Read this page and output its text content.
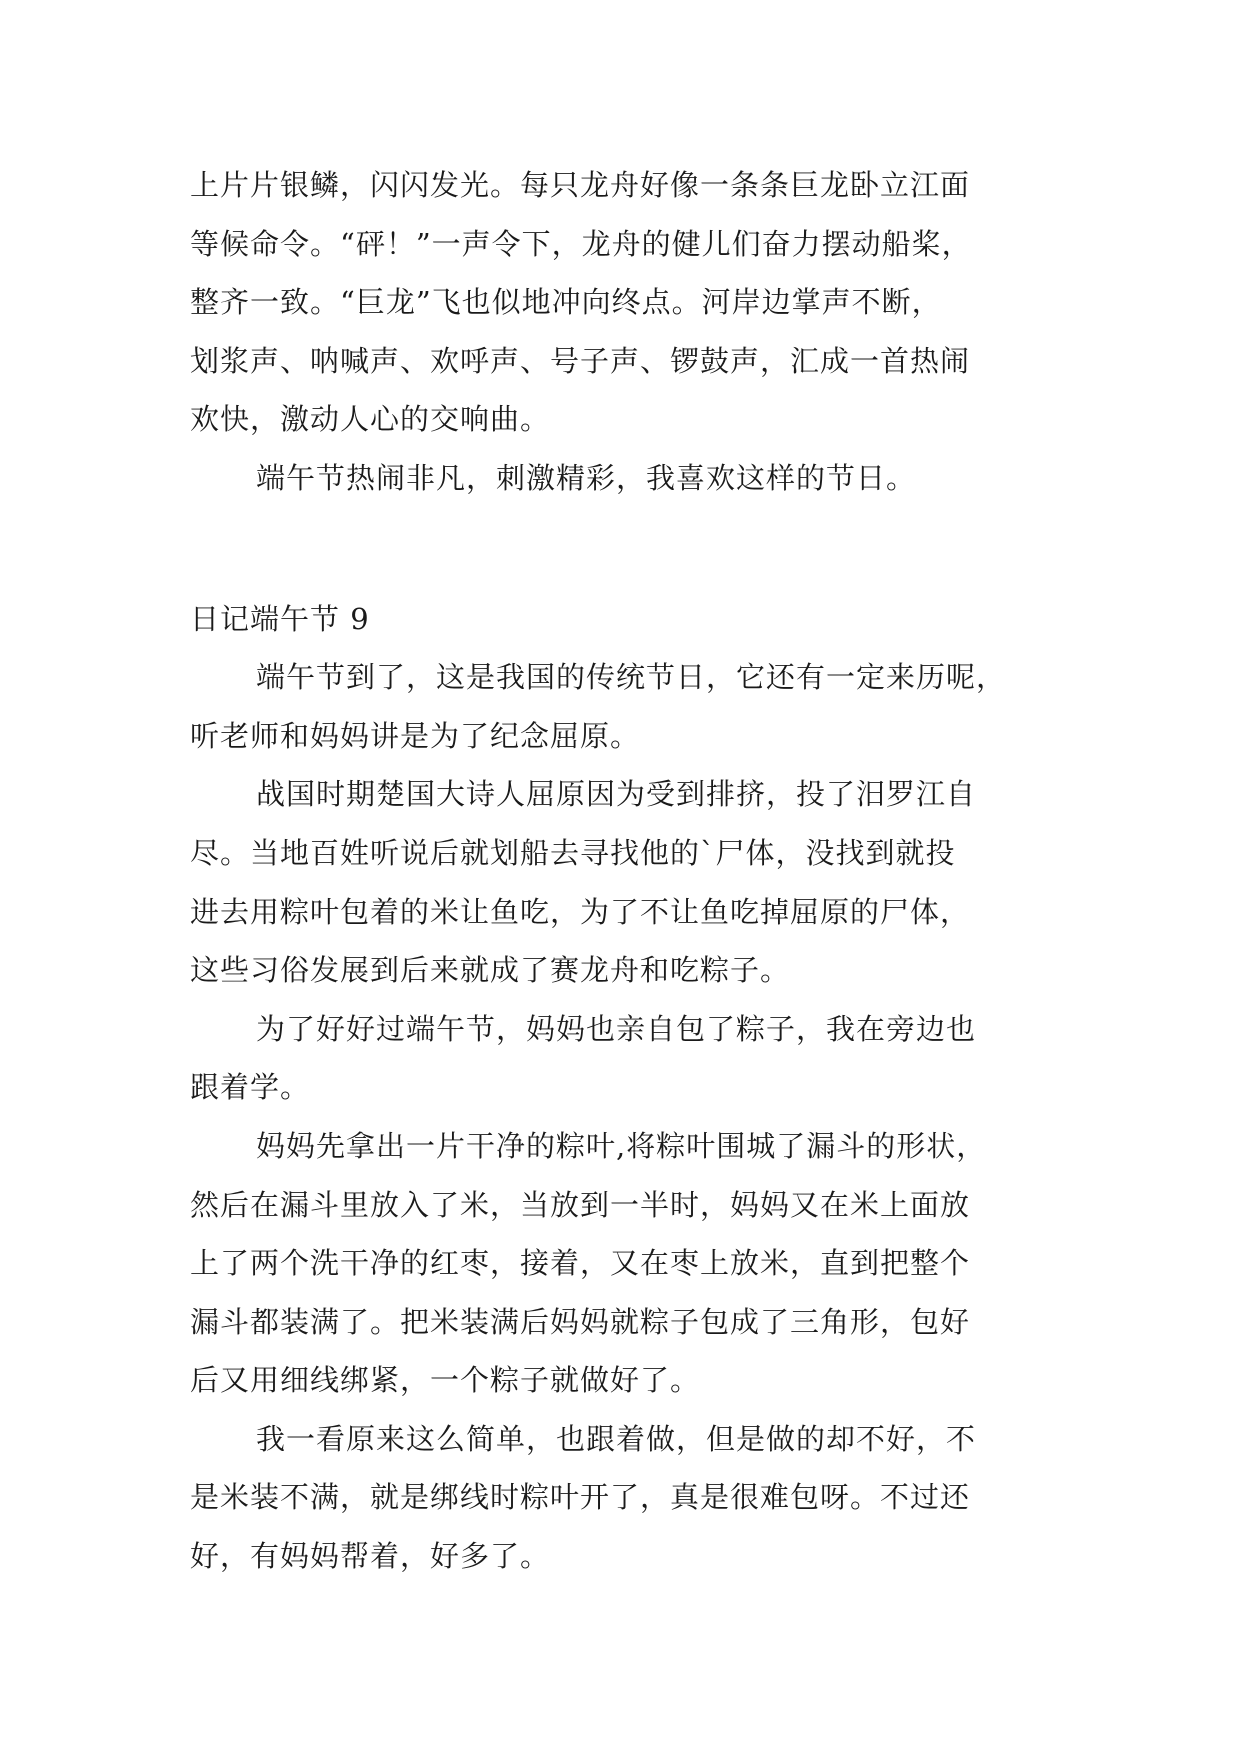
上片片银鳞，闪闪发光。每只龙舟好像一条条巨龙卧立江面
等候命令。“砰！”一声令下，龙舟的健儿们奋力摆动船桨，
整齐一致。“巨龙”飞也似地冲向终点。河岸边掌声不断，
划浆声、呐喊声、欢呼声、号子声、锣鼓声，汇成一首热闹
欢快，激动人心的交响曲。
端午节热闹非凡，刺激精彩，我喜欢这样的节日。
日记端午节 9
端午节到了，这是我国的传统节日，它还有一定来历呢，
听老师和妈妈讲是为了纪念屈原。
战国时期楚国大诗人屈原因为受到排挤，投了汨罗江自
尽。当地百姓听说后就划船去寻找他的`尸体，没找到就投
进去用粽叶包着的米让鱼吃，为了不让鱼吃掉屈原的尸体，
这些习俗发展到后来就成了赛龙舟和吃粽子。
为了好好过端午节，妈妈也亲自包了粽子，我在旁边也
跟着学。
妈妈先拿出一片干净的粽叶,将粽叶围城了漏斗的形状，
然后在漏斗里放入了米，当放到一半时，妈妈又在米上面放
上了两个洗干净的红枣，接着，又在枣上放米，直到把整个
漏斗都装满了。把米装满后妈妈就粽子包成了三角形，包好
后又用细线绑紧，一个粽子就做好了。
我一看原来这么简单，也跟着做，但是做的却不好，不
是米装不满，就是绑线时粽叶开了，真是很难包呀。不过还
好，有妈妈帮着，好多了。
